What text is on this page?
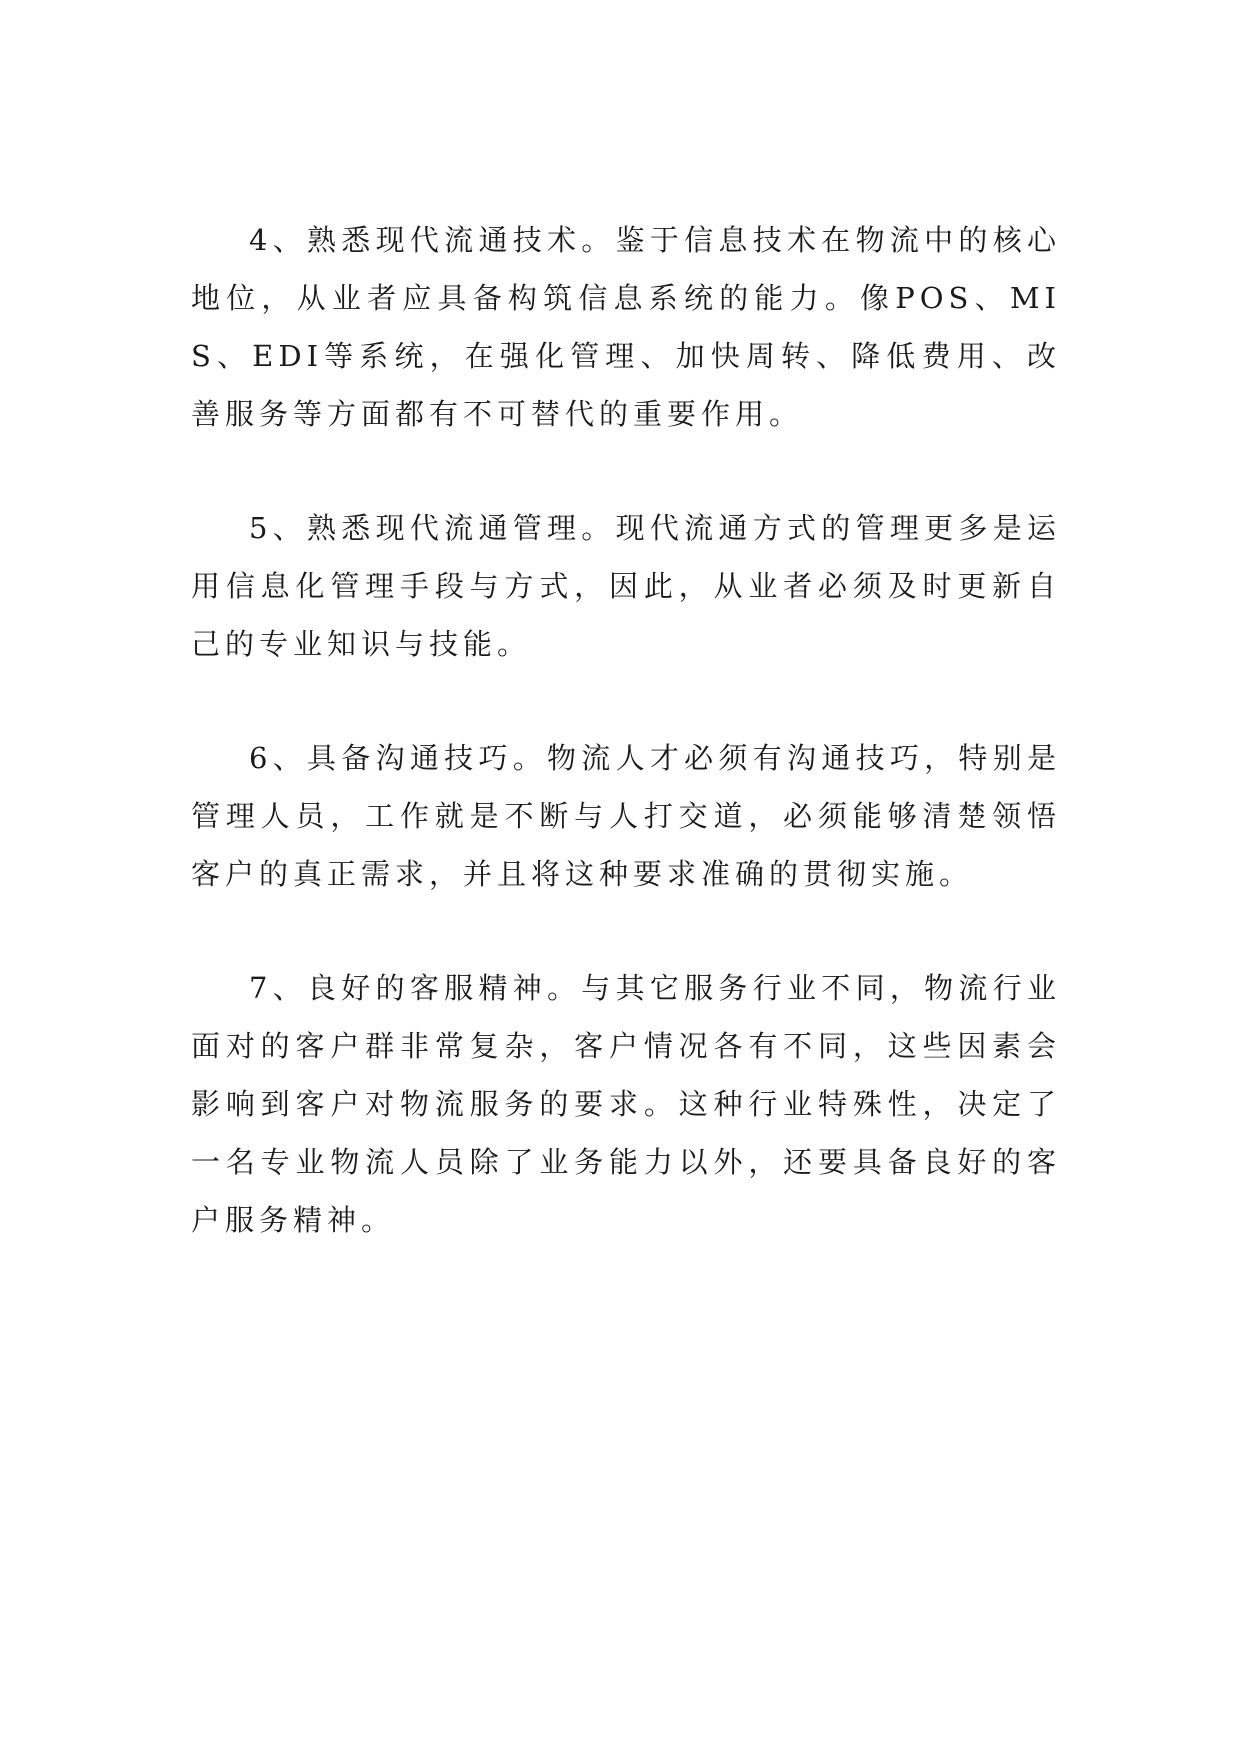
4、熟悉现代流通技术。鉴于信息技术在物流中的核心地位，从业者应具备构筑信息系统的能力。像POS、MIS、EDI等系统，在强化管理、加快周转、降低费用、改善服务等方面都有不可替代的重要作用。

5、熟悉现代流通管理。现代流通方式的管理更多是运用信息化管理手段与方式，因此，从业者必须及时更新自己的专业知识与技能。

6、具备沟通技巧。物流人才必须有沟通技巧，特别是管理人员，工作就是不断与人打交道，必须能够清楚领悟客户的真正需求，并且将这种要求准确的贯彻实施。

7、良好的客服精神。与其它服务行业不同，物流行业面对的客户群非常复杂，客户情况各有不同，这些因素会影响到客户对物流服务的要求。这种行业特殊性，决定了一名专业物流人员除了业务能力以外，还要具备良好的客户服务精神。
